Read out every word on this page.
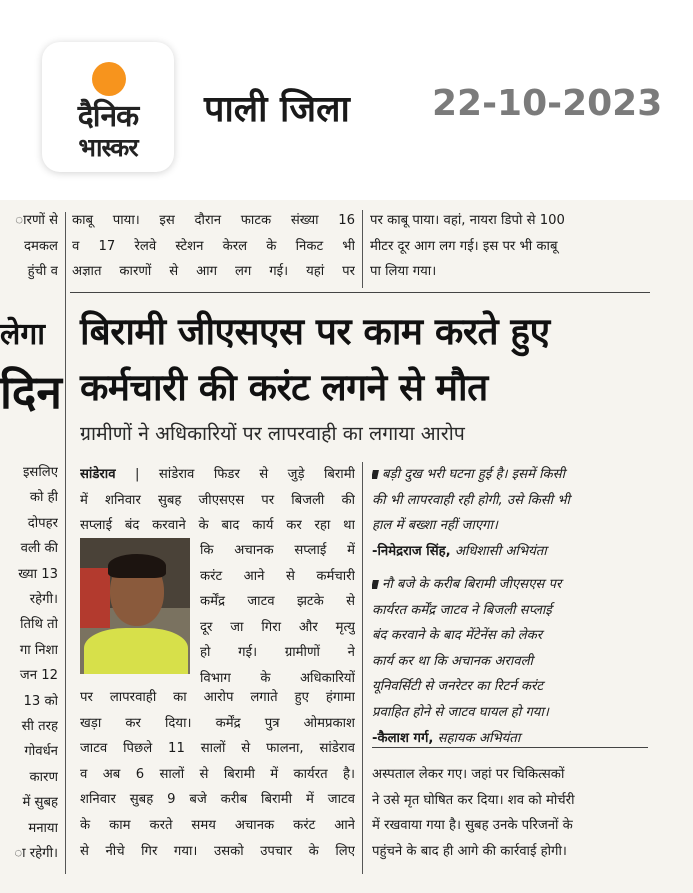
दैनिक
भास्कर
पाली जिला 22-10-2023
ारणों से
दमकल
हुंची व
लेगा
दिन
इसलिए
को ही
दोपहर
वली की
ख्या 13
रहेगी।
तिथि तो
गा निशा
जन 12
13 को
सी तरह
गोवर्धन
कारण
में सुबह
मनाया
ा रहेगी।
काबू पाया। इस दौरान फाटक संख्या 16
व 17 रेलवे स्टेशन केरल के निकट भी
अज्ञात कारणों से आग लग गई। यहां पर
पर काबू पाया। वहां, नायरा डिपो से 100
मीटर दूर आग लग गई। इस पर भी काबू
पा लिया गया।
बिरामी जीएसएस पर काम करते हुए
कर्मचारी की करंट लगने से मौत
ग्रामीणों ने अधिकारियों पर लापरवाही का लगाया आरोप
सांडेराव | सांडेराव फिडर से जुड़े बिरामी
में शनिवार सुबह जीएसएस पर बिजली की
सप्लाई बंद करवाने के बाद कार्य कर रहा था
कि अचानक सप्लाई में
करंट आने से कर्मचारी
कर्मेंद्र जाटव झटके से
दूर जा गिरा और मृत्यु
हो गई। ग्रामीणों ने
विभाग के अधिकारियों
पर लापरवाही का आरोप लगाते हुए हंगामा
खड़ा कर दिया। कर्मेंद्र पुत्र ओमप्रकाश
जाटव पिछले 11 सालों से फालना, सांडेराव
व अब 6 सालों से बिरामी में कार्यरत है।
शनिवार सुबह 9 बजे करीब बिरामी में जाटव
के काम करते समय अचानक करंट आने
से नीचे गिर गया। उसको उपचार के लिए
बड़ी दुख भरी घटना हुई है। इसमें किसी
की भी लापरवाही रही होगी, उसे किसी भी
हाल में बख्शा नहीं जाएगा।
-निमेद्रराज सिंह, अधिशासी अभियंता
नौ बजे के करीब बिरामी जीएसएस पर
कार्यरत कर्मेंद्र जाटव ने बिजली सप्लाई
बंद करवाने के बाद मेंटेनेंस को लेकर
कार्य कर था कि अचानक अरावली
यूनिवर्सिटी से जनरेटर का रिटर्न करंट
प्रवाहित होने से जाटव घायल हो गया।
-कैलाश गर्ग, सहायक अभियंता
अस्पताल लेकर गए। जहां पर चिकित्सकों
ने उसे मृत घोषित कर दिया। शव को मोर्चरी
में रखवाया गया है। सुबह उनके परिजनों के
पहुंचने के बाद ही आगे की कार्रवाई होगी।
